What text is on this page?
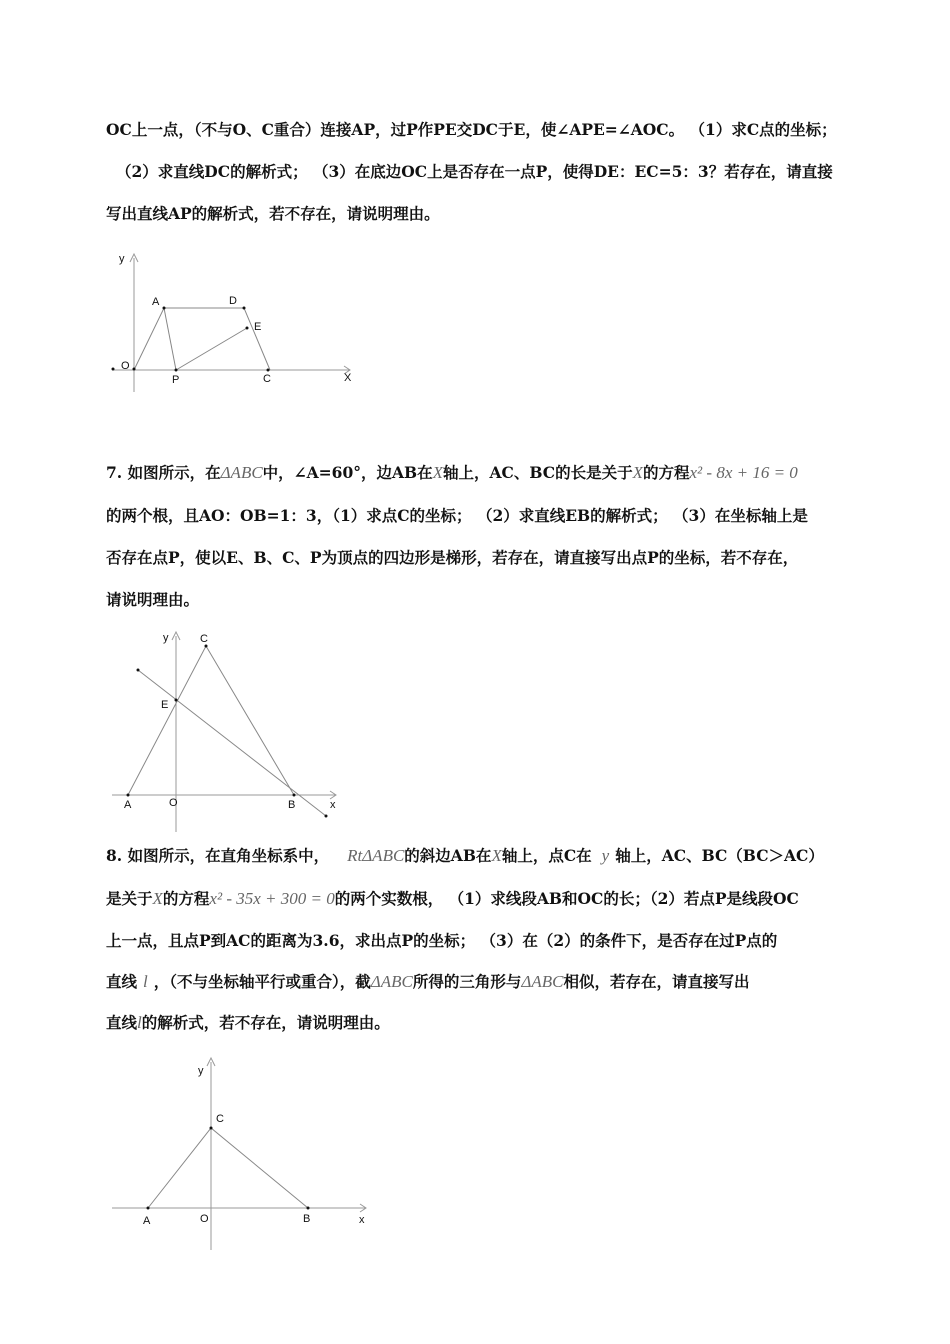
OC上一点，（不与O、C重合）连接AP，过P作PE交DC于E，使∠APE=∠AOC。 （1）求C点的坐标；
（2）求直线DC的解析式； （3）在底边OC上是否存在一点P，使得DE：EC=5：3？若存在，请直接
写出直线AP的解析式，若不存在，请说明理由。
y
X
O
A	D
E
P	C
7. 如图所示，在ΔABC中，∠A=60°，边AB在X轴上，AC、BC的长是关于X的方程x² - 8x + 16 = 0
的两个根，且AO：OB=1：3，（1）求点C的坐标； （2）求直线EB的解析式； （3）在坐标轴上是
否存在点P，使以E、B、C、P为顶点的四边形是梯形，若存在，请直接写出点P的坐标，若不存在，
请说明理由。
y	C
E
A	O	B	x
8. 如图所示，在直角坐标系中， RtΔABC的斜边AB在X轴上，点C在 y 轴上，AC、BC（BC＞AC）
是关于X的方程x² - 35x + 300 = 0的两个实数根， （1）求线段AB和OC的长；（2）若点P是线段OC
上一点，且点P到AC的距离为3.6，求出点P的坐标； （3）在（2）的条件下，是否存在过P点的
直线 l ，（不与坐标轴平行或重合），截ΔABC所得的三角形与ΔABC相似，若存在，请直接写出
直线l的解析式，若不存在，请说明理由。
y
C
A	O	B	x
